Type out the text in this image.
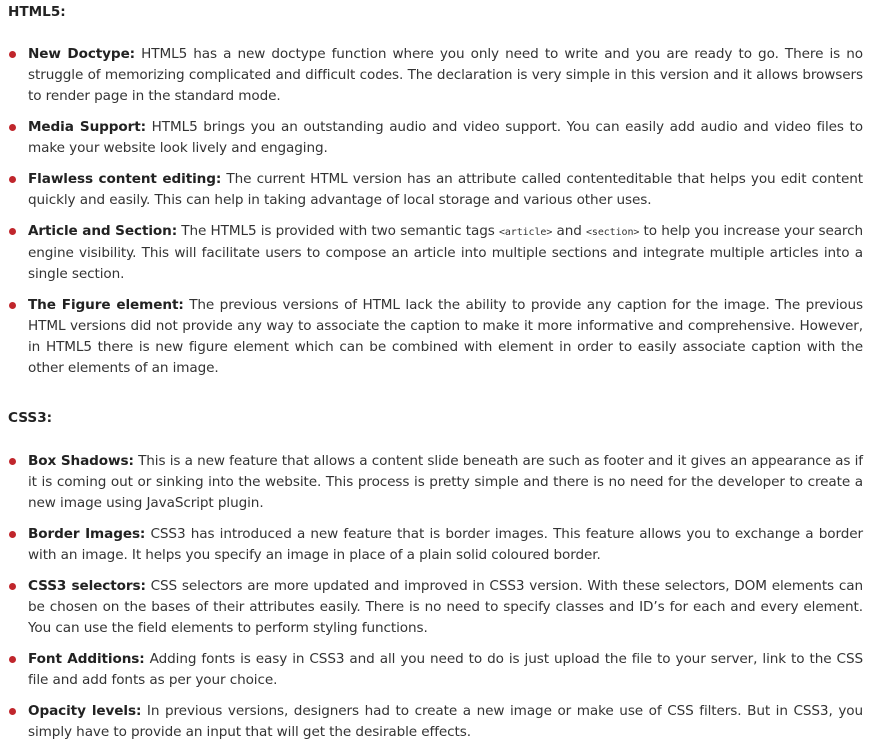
HTML5:
New Doctype: HTML5 has a new doctype function where you only need to write and you are ready to go. There is no struggle of memorizing complicated and difficult codes. The declaration is very simple in this version and it allows browsers to render page in the standard mode.
Media Support: HTML5 brings you an outstanding audio and video support. You can easily add audio and video files to make your website look lively and engaging.
Flawless content editing: The current HTML version has an attribute called contenteditable that helps you edit content quickly and easily. This can help in taking advantage of local storage and various other uses.
Article and Section: The HTML5 is provided with two semantic tags <article> and <section> to help you increase your search engine visibility. This will facilitate users to compose an article into multiple sections and integrate multiple articles into a single section.
The Figure element: The previous versions of HTML lack the ability to provide any caption for the image. The previous HTML versions did not provide any way to associate the caption to make it more informative and comprehensive. However, in HTML5 there is new figure element which can be combined with element in order to easily associate caption with the other elements of an image.
CSS3:
Box Shadows: This is a new feature that allows a content slide beneath are such as footer and it gives an appearance as if it is coming out or sinking into the website. This process is pretty simple and there is no need for the developer to create a new image using JavaScript plugin.
Border Images: CSS3 has introduced a new feature that is border images. This feature allows you to exchange a border with an image. It helps you specify an image in place of a plain solid coloured border.
CSS3 selectors: CSS selectors are more updated and improved in CSS3 version. With these selectors, DOM elements can be chosen on the bases of their attributes easily. There is no need to specify classes and ID’s for each and every element. You can use the field elements to perform styling functions.
Font Additions: Adding fonts is easy in CSS3 and all you need to do is just upload the file to your server, link to the CSS file and add fonts as per your choice.
Opacity levels: In previous versions, designers had to create a new image or make use of CSS filters. But in CSS3, you simply have to provide an input that will get the desirable effects.
